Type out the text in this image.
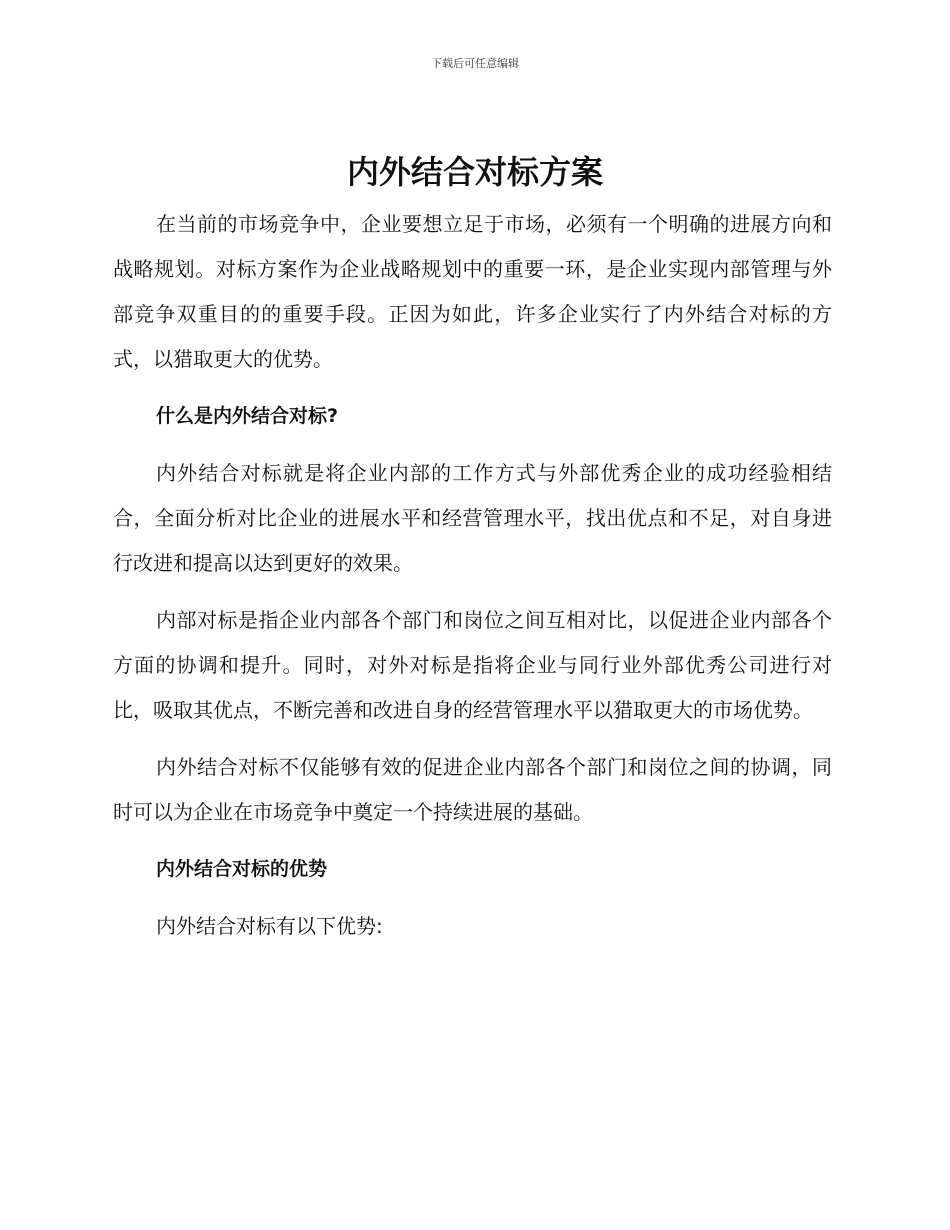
下载后可任意编辑
内外结合对标方案

在当前的市场竞争中，企业要想立足于市场，必须有一个明确的进展方向和战略规划。对标方案作为企业战略规划中的重要一环，是企业实现内部管理与外部竞争双重目的的重要手段。正因为如此，许多企业实行了内外结合对标的方式，以猎取更大的优势。

什么是内外结合对标?

内外结合对标就是将企业内部的工作方式与外部优秀企业的成功经验相结合，全面分析对比企业的进展水平和经营管理水平，找出优点和不足，对自身进行改进和提高以达到更好的效果。

内部对标是指企业内部各个部门和岗位之间互相对比，以促进企业内部各个方面的协调和提升。同时，对外对标是指将企业与同行业外部优秀公司进行对比，吸取其优点，不断完善和改进自身的经营管理水平以猎取更大的市场优势。

内外结合对标不仅能够有效的促进企业内部各个部门和岗位之间的协调，同时可以为企业在市场竞争中奠定一个持续进展的基础。

内外结合对标的优势

内外结合对标有以下优势:
